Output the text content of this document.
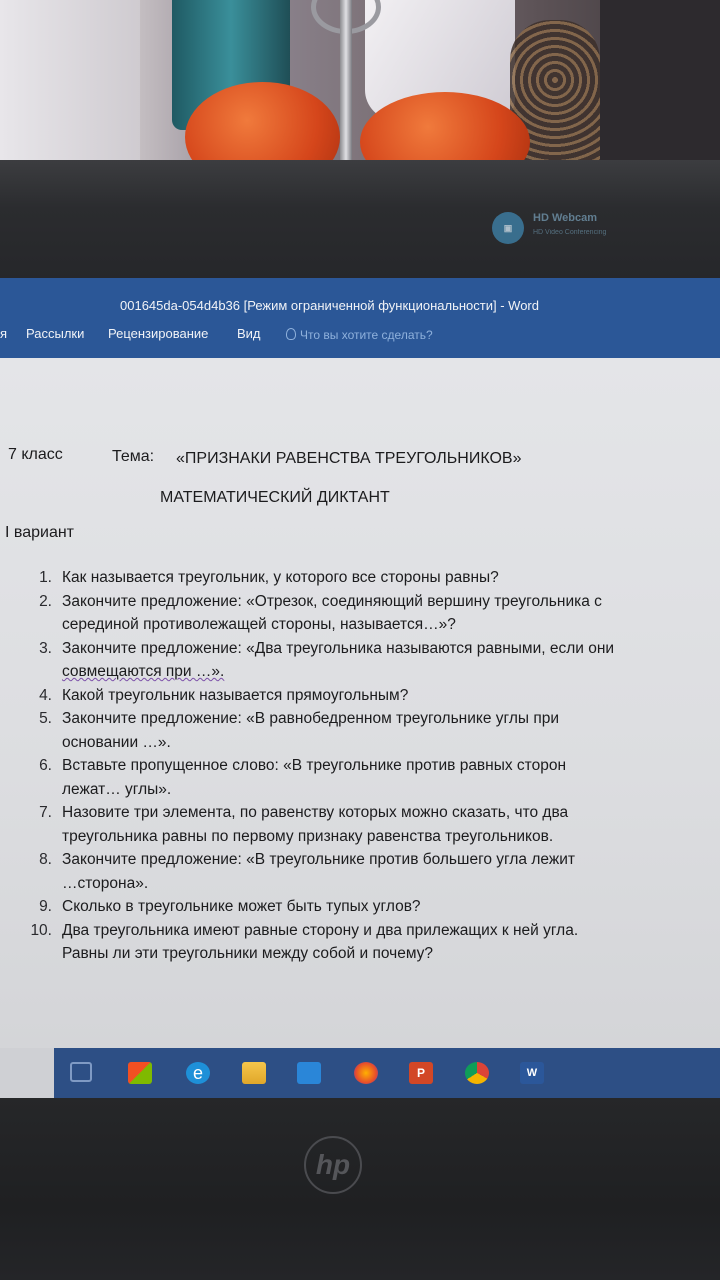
▣
HD Webcam
HD Video Conferencing
001645da-054d4b36 [Режим ограниченной функциональности] - Word
я Рассылки Рецензирование Вид	Что вы хотите сделать?
7 класс	Тема: «ПРИЗНАКИ РАВЕНСТВА ТРЕУГОЛЬНИКОВ»
МАТЕМАТИЧЕСКИЙ ДИКТАНТ
I вариант
1. Как называется треугольник, у которого все стороны равны?
2. Закончите предложение: «Отрезок, соединяющий вершину треугольника с
серединой противолежащей стороны, называется…»?
3. Закончите предложение: «Два треугольника называются равными, если они
совмещаются при …».
4. Какой треугольник называется прямоугольным?
5. Закончите предложение: «В равнобедренном треугольнике углы при
основании …».
6. Вставьте пропущенное слово: «В треугольнике против равных сторон
лежат… углы».
7. Назовите три элемента, по равенству которых можно сказать, что два
треугольника равны по первому признаку равенства треугольников.
8. Закончите предложение: «В треугольнике против большего угла лежит
…сторона».
9. Сколько в треугольнике может быть тупых углов?
10. Два треугольника имеют равные сторону и два прилежащих к ней угла.
Равны ли эти треугольники между собой и почему?
e	P	W
hp
